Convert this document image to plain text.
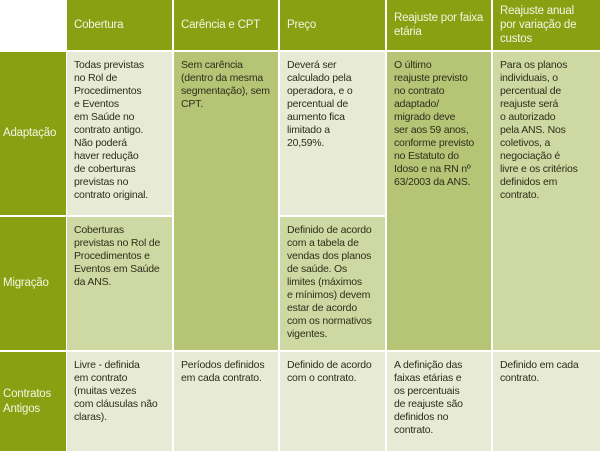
Cobertura	Carência e CPT	Preço
Reajuste por faixa
etária
Reajuste anual
por variação de
custos
Adaptação
Migração
Contratos
Antigos
Todas previstas
no Rol de
Procedimentos
e Eventos
em Saúde no
contrato antigo.
Não poderá
haver redução
de coberturas
previstas no
contrato original.
Sem carência
(dentro da mesma
segmentação), sem
CPT.
Deverá ser
calculado pela
operadora, e o
percentual de
aumento fica
limitado a
20,59%.
O último
reajuste previsto
no contrato
adaptado/
migrado deve
ser aos 59 anos,
conforme previsto
no Estatuto do
Idoso e na RN nº
63/2003 da ANS.
Para os planos
individuais, o
percentual de
reajuste será
o autorizado
pela ANS. Nos
coletivos, a
negociação é
livre e os critérios
definidos em
contrato.
Coberturas
previstas no Rol de
Procedimentos e
Eventos em Saúde
da ANS.
Definido de acordo
com a tabela de
vendas dos planos
de saúde. Os
limites (máximos
e mínimos) devem
estar de acordo
com os normativos
vigentes.
Livre - definida
em contrato
(muitas vezes
com cláusulas não
claras).
Períodos definidos
em cada contrato.
Definido de acordo
com o contrato.
A definição das
faixas etárias e
os percentuais
de reajuste são
definidos no
contrato.
Definido em cada
contrato.
